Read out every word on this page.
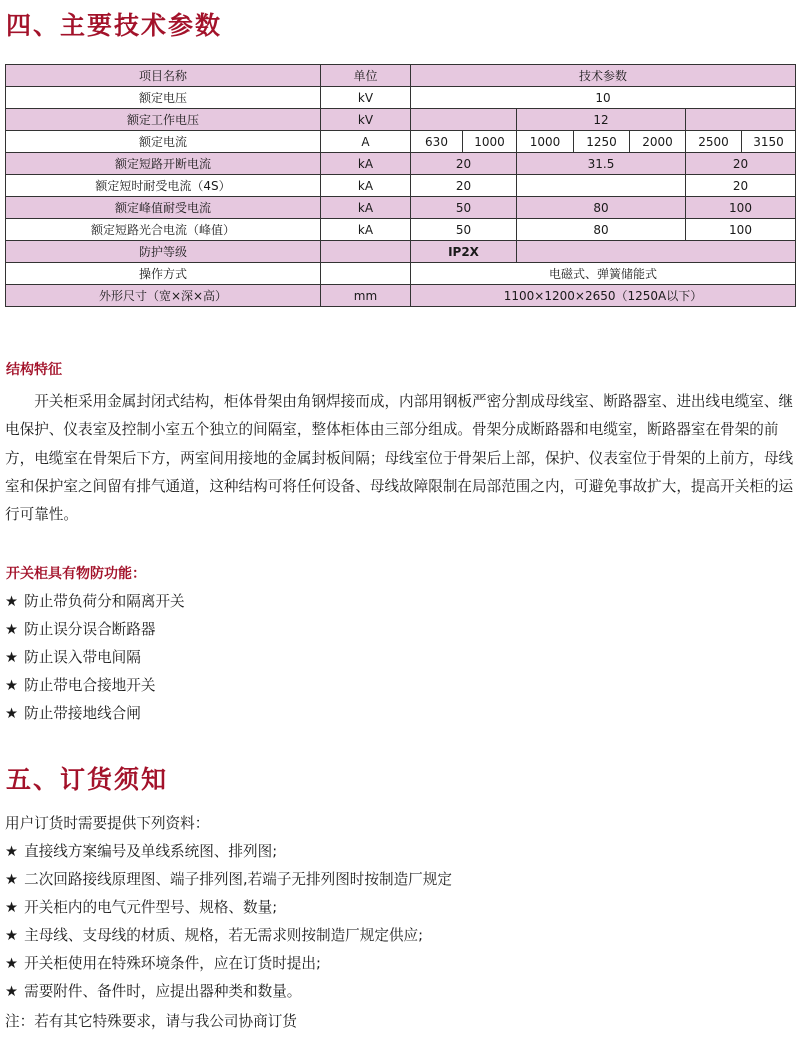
四、主要技术参数
项目名称	单位	技术参数						
额定电压	kV	10						
额定工作电压	kV			12				
额定电流	A	630	1000	1000	1250	2000	2500	3150
额定短路开断电流	kA	20		31.5			20	
额定短时耐受电流（4S）	kA	20					20	
额定峰值耐受电流	kA	50		80			100	
额定短路光合电流（峰值）	kA	50		80			100	
防护等级		IP2X						
操作方式		电磁式、弹簧储能式						
外形尺寸（宽×深×高）	mm	1100×1200×2650（1250A以下）						
结构特征

　　开关柜采用金属封闭式结构，柜体骨架由角钢焊接而成，内部用钢板严密分割成母线室、断路器室、进出线电缆室、继电保护、仪表室及控制小室五个独立的间隔室，整体柜体由三部分组成。骨架分成断路器和电缆室，断路器室在骨架的前方，电缆室在骨架后下方，两室间用接地的金属封板间隔；母线室位于骨架后上部，保护、仪表室位于骨架的上前方，母线室和保护室之间留有排气通道，这种结构可将任何设备、母线故障限制在局部范围之内，可避免事故扩大，提高开关柜的运行可靠性。

开关柜具有物防功能：
★ 防止带负荷分和隔离开关
★ 防止误分误合断路器
★ 防止误入带电间隔
★ 防止带电合接地开关
★ 防止带接地线合闸
五、订货须知

用户订货时需要提供下列资料：

★ 直接线方案编号及单线系统图、排列图;
★ 二次回路接线原理图、端子排列图,若端子无排列图时按制造厂规定
★ 开关柜内的电气元件型号、规格、数量;
★ 主母线、支母线的材质、规格，若无需求则按制造厂规定供应;
★ 开关柜使用在特殊环境条件，应在订货时提出;
★ 需要附件、备件时，应提出器种类和数量。

注：若有其它特殊要求，请与我公司协商订货
